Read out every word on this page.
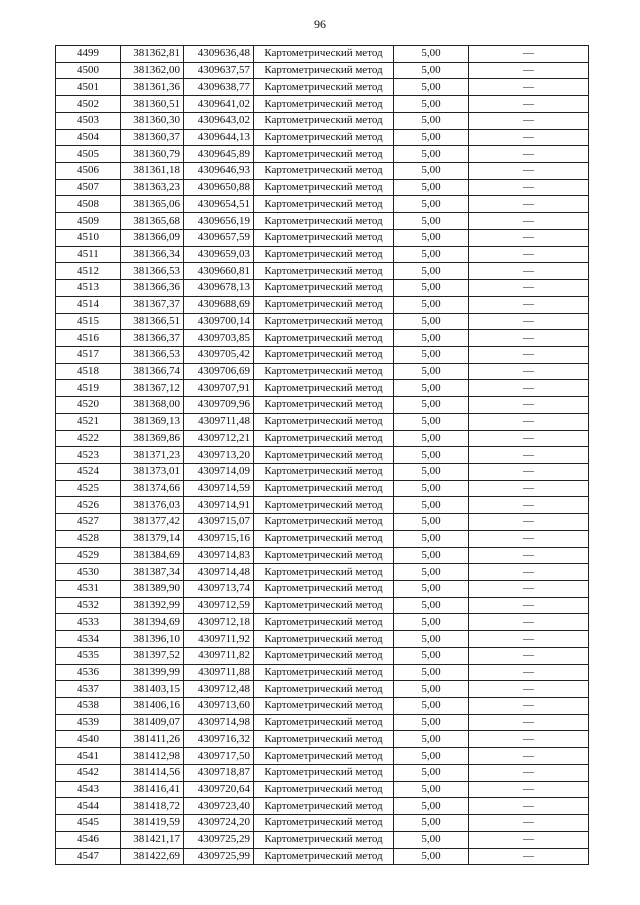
96
4499	381362,81	4309636,48	Картометрический метод	5,00	—
4500	381362,00	4309637,57	Картометрический метод	5,00	—
4501	381361,36	4309638,77	Картометрический метод	5,00	—
4502	381360,51	4309641,02	Картометрический метод	5,00	—
4503	381360,30	4309643,02	Картометрический метод	5,00	—
4504	381360,37	4309644,13	Картометрический метод	5,00	—
4505	381360,79	4309645,89	Картометрический метод	5,00	—
4506	381361,18	4309646,93	Картометрический метод	5,00	—
4507	381363,23	4309650,88	Картометрический метод	5,00	—
4508	381365,06	4309654,51	Картометрический метод	5,00	—
4509	381365,68	4309656,19	Картометрический метод	5,00	—
4510	381366,09	4309657,59	Картометрический метод	5,00	—
4511	381366,34	4309659,03	Картометрический метод	5,00	—
4512	381366,53	4309660,81	Картометрический метод	5,00	—
4513	381366,36	4309678,13	Картометрический метод	5,00	—
4514	381367,37	4309688,69	Картометрический метод	5,00	—
4515	381366,51	4309700,14	Картометрический метод	5,00	—
4516	381366,37	4309703,85	Картометрический метод	5,00	—
4517	381366,53	4309705,42	Картометрический метод	5,00	—
4518	381366,74	4309706,69	Картометрический метод	5,00	—
4519	381367,12	4309707,91	Картометрический метод	5,00	—
4520	381368,00	4309709,96	Картометрический метод	5,00	—
4521	381369,13	4309711,48	Картометрический метод	5,00	—
4522	381369,86	4309712,21	Картометрический метод	5,00	—
4523	381371,23	4309713,20	Картометрический метод	5,00	—
4524	381373,01	4309714,09	Картометрический метод	5,00	—
4525	381374,66	4309714,59	Картометрический метод	5,00	—
4526	381376,03	4309714,91	Картометрический метод	5,00	—
4527	381377,42	4309715,07	Картометрический метод	5,00	—
4528	381379,14	4309715,16	Картометрический метод	5,00	—
4529	381384,69	4309714,83	Картометрический метод	5,00	—
4530	381387,34	4309714,48	Картометрический метод	5,00	—
4531	381389,90	4309713,74	Картометрический метод	5,00	—
4532	381392,99	4309712,59	Картометрический метод	5,00	—
4533	381394,69	4309712,18	Картометрический метод	5,00	—
4534	381396,10	4309711,92	Картометрический метод	5,00	—
4535	381397,52	4309711,82	Картометрический метод	5,00	—
4536	381399,99	4309711,88	Картометрический метод	5,00	—
4537	381403,15	4309712,48	Картометрический метод	5,00	—
4538	381406,16	4309713,60	Картометрический метод	5,00	—
4539	381409,07	4309714,98	Картометрический метод	5,00	—
4540	381411,26	4309716,32	Картометрический метод	5,00	—
4541	381412,98	4309717,50	Картометрический метод	5,00	—
4542	381414,56	4309718,87	Картометрический метод	5,00	—
4543	381416,41	4309720,64	Картометрический метод	5,00	—
4544	381418,72	4309723,40	Картометрический метод	5,00	—
4545	381419,59	4309724,20	Картометрический метод	5,00	—
4546	381421,17	4309725,29	Картометрический метод	5,00	—
4547	381422,69	4309725,99	Картометрический метод	5,00	—
